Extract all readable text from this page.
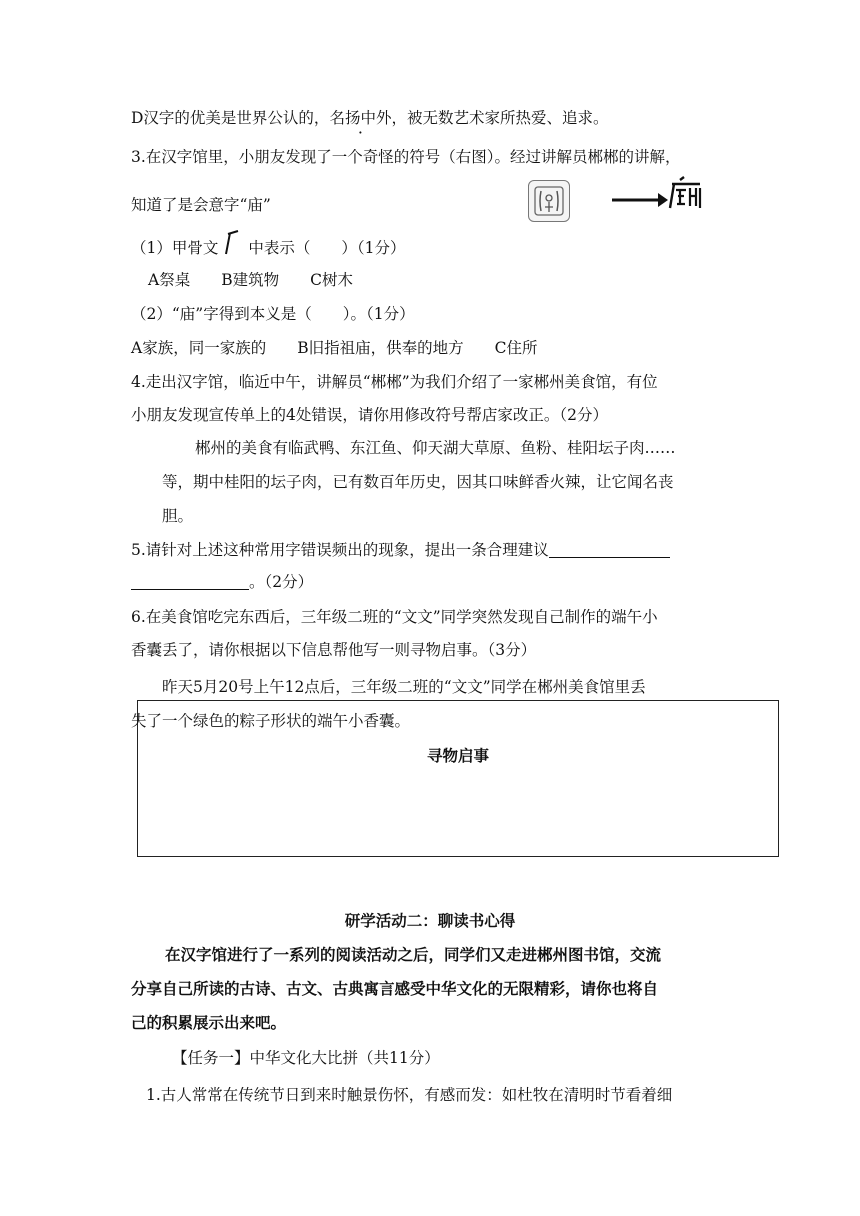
D汉字的优美是世界公认的，名扬中外，被无数艺术家所热爱、追求。
3.在汉字馆里，小朋友发现了一个奇怪的符号（右图）。经过讲解员郴郴的讲解，
知道了是会意字“庙”
（1）甲骨文 中表示（　　）（1分）
A祭桌　　B建筑物　　C树木
（2）“庙”字得到本义是（　　）。（1分）
A家族，同一家族的　　B旧指祖庙，供奉的地方　　C住所
4.走出汉字馆，临近中午，讲解员“郴郴”为我们介绍了一家郴州美食馆，有位
小朋友发现宣传单上的4处错误，请你用修改符号帮店家改正。（2分）
郴州的美食有临武鸭、东江鱼、仰天湖大草原、鱼粉、桂阳坛子肉……
等，期中桂阳的坛子肉，已有数百年历史，因其口味鲜香火辣，让它闻名丧
胆。
5.请针对上述这种常用字错误频出的现象，提出一条合理建议
。（2分）
6.在美食馆吃完东西后，三年级二班的“文文”同学突然发现自己制作的端午小
香囊丢了，请你根据以下信息帮他写一则寻物启事。（3分）
昨天5月20号上午12点后，三年级二班的“文文”同学在郴州美食馆里丢
寻物启事
失了一个绿色的粽子形状的端午小香囊。
研学活动二：聊读书心得
在汉字馆进行了一系列的阅读活动之后，同学们又走进郴州图书馆，交流
分享自己所读的古诗、古文、古典寓言感受中华文化的无限精彩，请你也将自
己的积累展示出来吧。
【任务一】中华文化大比拼（共11分）
1.古人常常在传统节日到来时触景伤怀，有感而发：如杜牧在清明时节看着细
